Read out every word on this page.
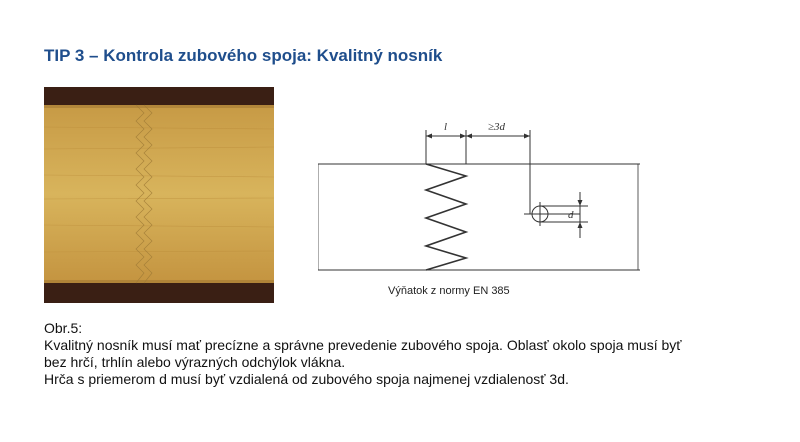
TIP 3 – Kontrola zubového spoja: Kvalitný nosník
l	≥3d
d
Výňatok z normy EN 385
Obr.5:
Kvalitný nosník musí mať precízne a správne prevedenie zubového spoja. Oblasť okolo spoja musí byť
bez hrčí, trhlín alebo výrazných odchýlok vlákna.
Hrča s priemerom d musí byť vzdialená od zubového spoja najmenej vzdialenosť 3d.
